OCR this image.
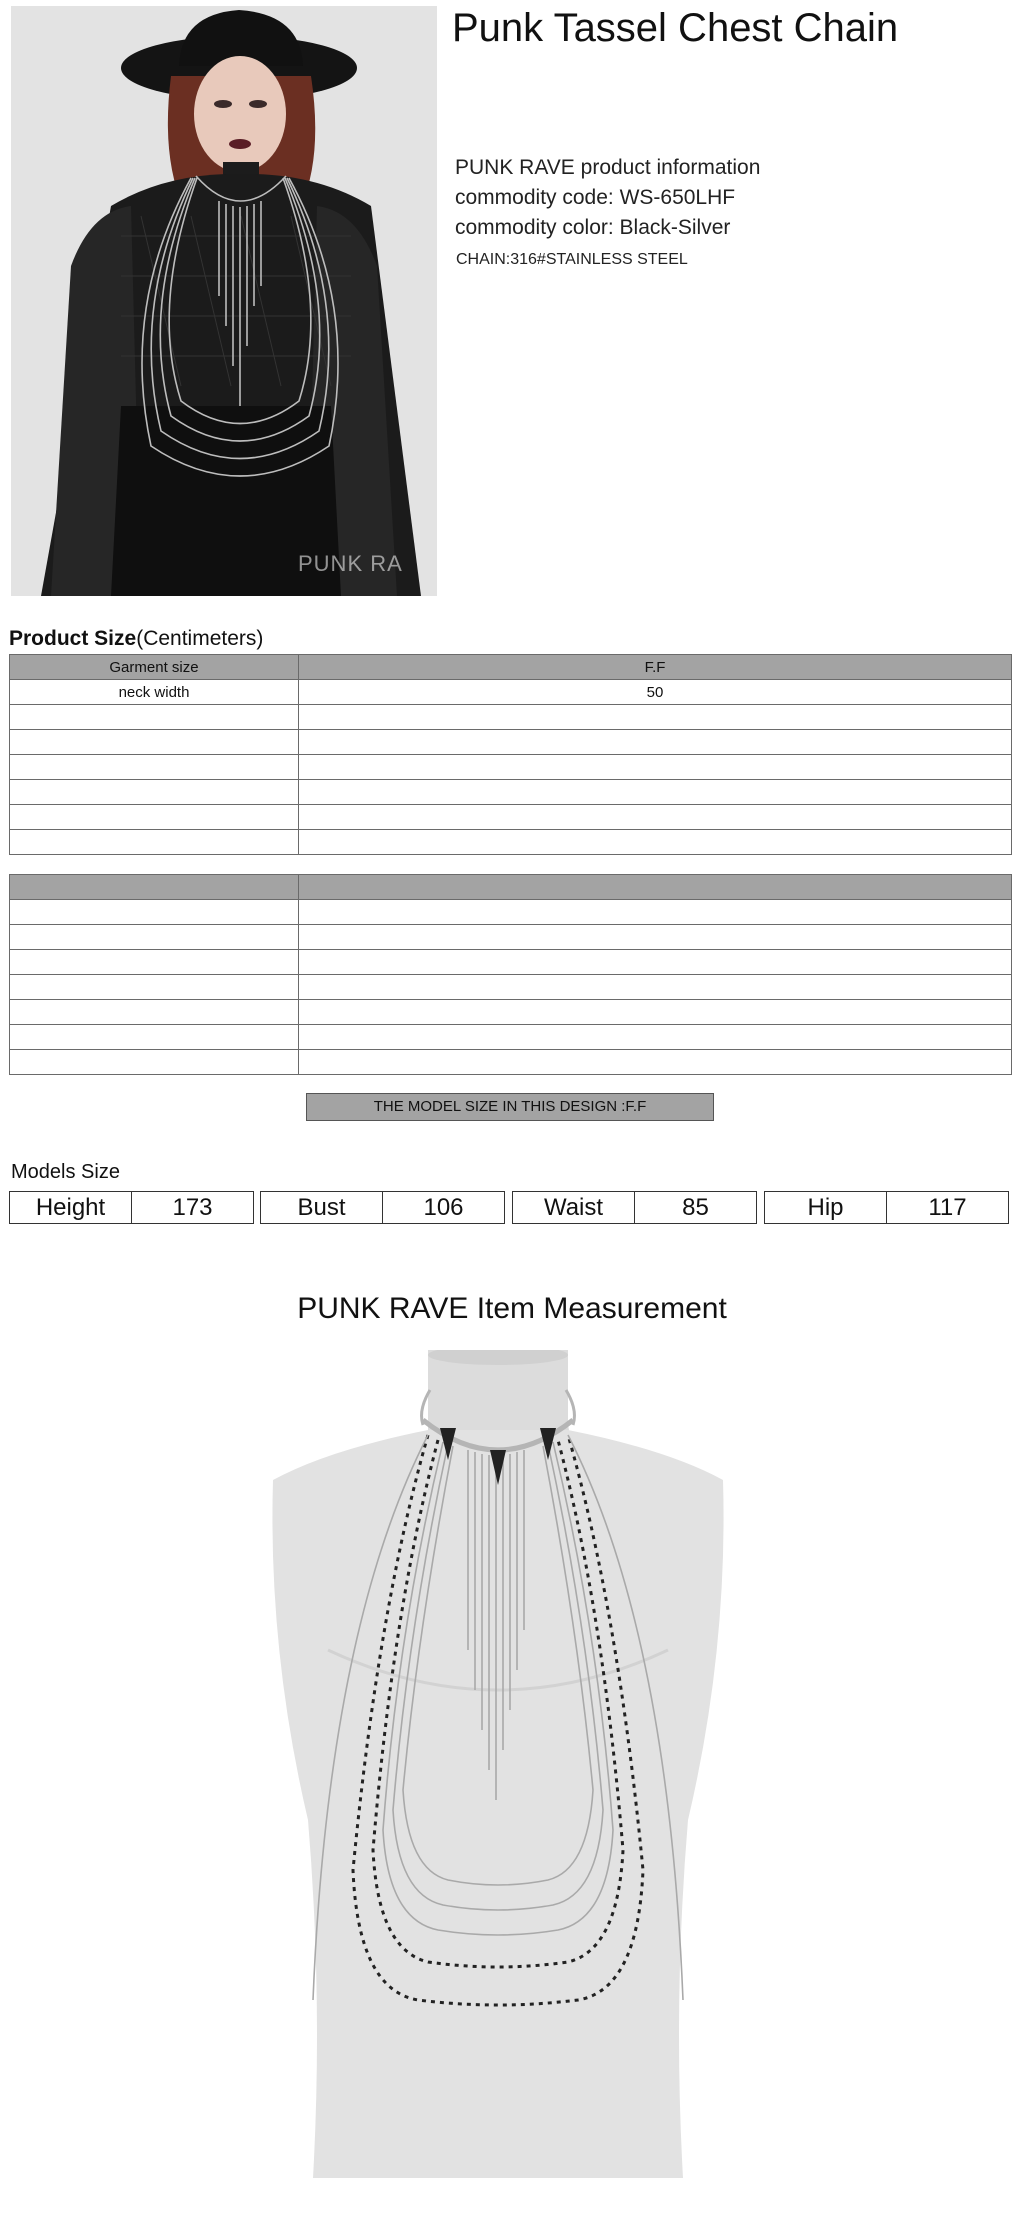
PUNK RA
Punk Tassel Chest Chain
PUNK RAVE product information
commodity code: WS-650LHF
commodity color: Black-Silver
CHAIN:316#STAINLESS STEEL
Product Size(Centimeters)
Garment size	F.F
neck width	50

THE MODEL SIZE IN THIS DESIGN :F.F
Models Size
Height	173	Bust	106	Waist	85	Hip	117
PUNK RAVE Item Measurement
